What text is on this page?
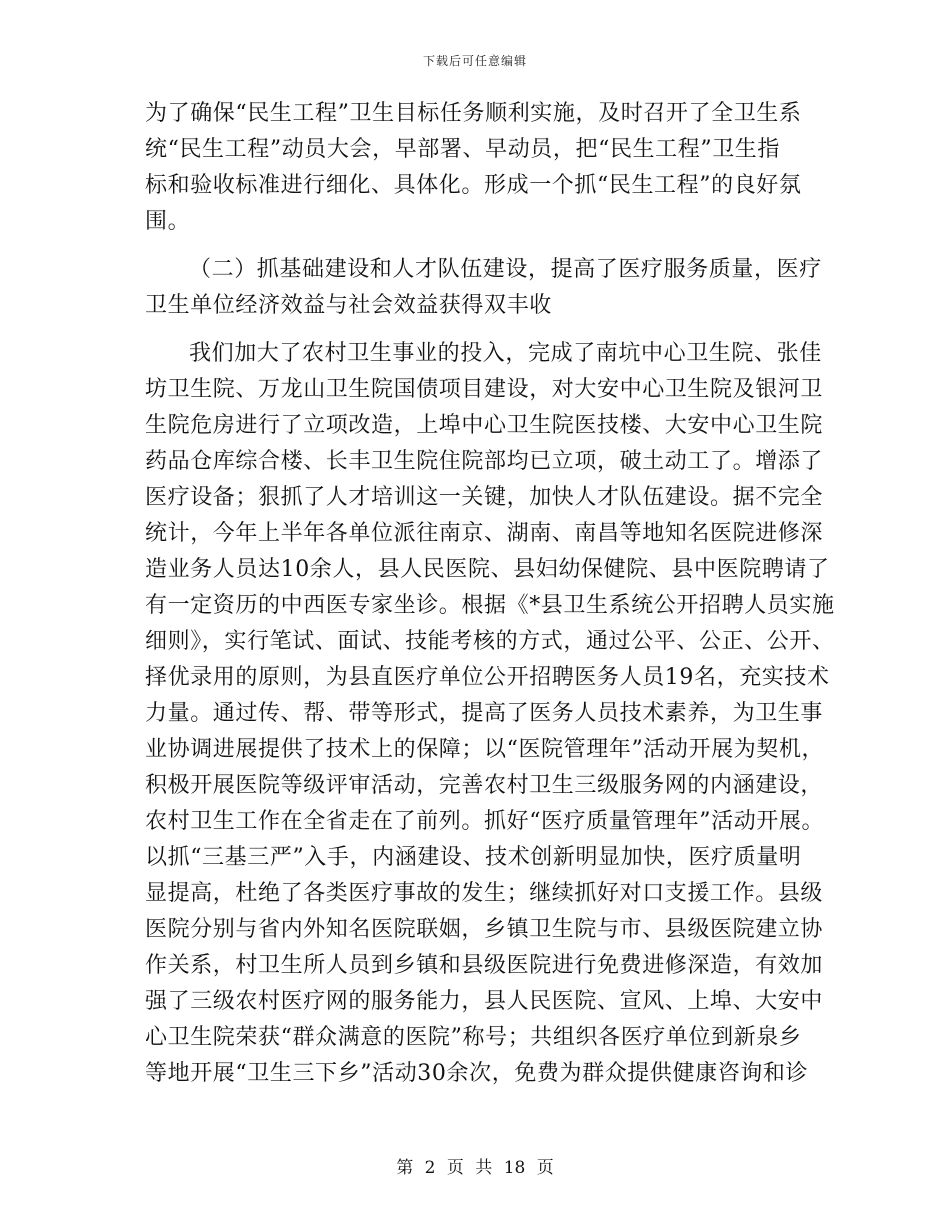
下载后可任意编辑
为了确保“民生工程”卫生目标任务顺利实施，及时召开了全卫生系
统“民生工程”动员大会，早部署、早动员，把“民生工程”卫生指
标和验收标准进行细化、具体化。形成一个抓“民生工程”的良好氛
围。
（二）抓基础建设和人才队伍建设，提高了医疗服务质量，医疗
卫生单位经济效益与社会效益获得双丰收
我们加大了农村卫生事业的投入，完成了南坑中心卫生院、张佳
坊卫生院、万龙山卫生院国债项目建设，对大安中心卫生院及银河卫
生院危房进行了立项改造，上埠中心卫生院医技楼、大安中心卫生院
药品仓库综合楼、长丰卫生院住院部均已立项，破土动工了。增添了
医疗设备；狠抓了人才培训这一关键，加快人才队伍建设。据不完全
统计，今年上半年各单位派往南京、湖南、南昌等地知名医院进修深
造业务人员达10余人，县人民医院、县妇幼保健院、县中医院聘请了
有一定资历的中西医专家坐诊。根据《*县卫生系统公开招聘人员实施
细则》，实行笔试、面试、技能考核的方式，通过公平、公正、公开、
择优录用的原则，为县直医疗单位公开招聘医务人员19名，充实技术
力量。通过传、帮、带等形式，提高了医务人员技术素养，为卫生事
业协调进展提供了技术上的保障；以“医院管理年”活动开展为契机，
积极开展医院等级评审活动，完善农村卫生三级服务网的内涵建设，
农村卫生工作在全省走在了前列。抓好“医疗质量管理年”活动开展。
以抓“三基三严”入手，内涵建设、技术创新明显加快，医疗质量明
显提高，杜绝了各类医疗事故的发生；继续抓好对口支援工作。县级
医院分别与省内外知名医院联姻，乡镇卫生院与市、县级医院建立协
作关系，村卫生所人员到乡镇和县级医院进行免费进修深造，有效加
强了三级农村医疗网的服务能力，县人民医院、宣风、上埠、大安中
心卫生院荣获“群众满意的医院”称号；共组织各医疗单位到新泉乡
等地开展“卫生三下乡”活动30余次，免费为群众提供健康咨询和诊
第 2 页 共 18 页
